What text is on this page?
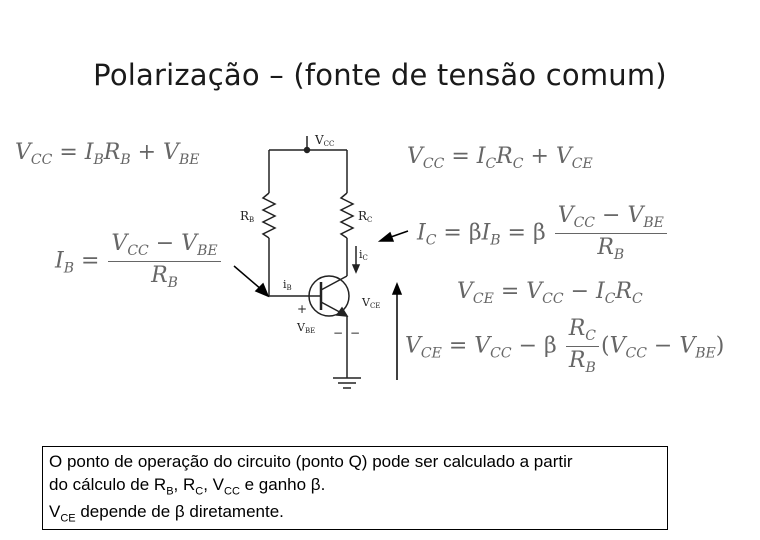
Polarização – (fonte de tensão comum)
$V_{CC} = I_BR_B + V_{BE}$
$I_B = \frac{V_{CC} - V_{BE}}{R_B}$
$V_{CC} = I_CR_C + V_{CE}$
$I_C = \beta I_B = \beta \frac{V_{CC} - V_{BE}}{R_B}$
$V_{CE} = V_{CC} - I_CR_C$
$V_{CE} = V_{CC} - \beta \frac{R_C}{R_B} (V_{CC} - V_{BE})$
VCC
RB	RC
iC
iB
VCE
+
VBE − −
O ponto de operação do circuito (ponto Q) pode ser calculado a partir
do cálculo de $R_B$, $R_C$, $V_{CC}$ e ganho β.
$V_{CE}$ depende de β diretamente.
